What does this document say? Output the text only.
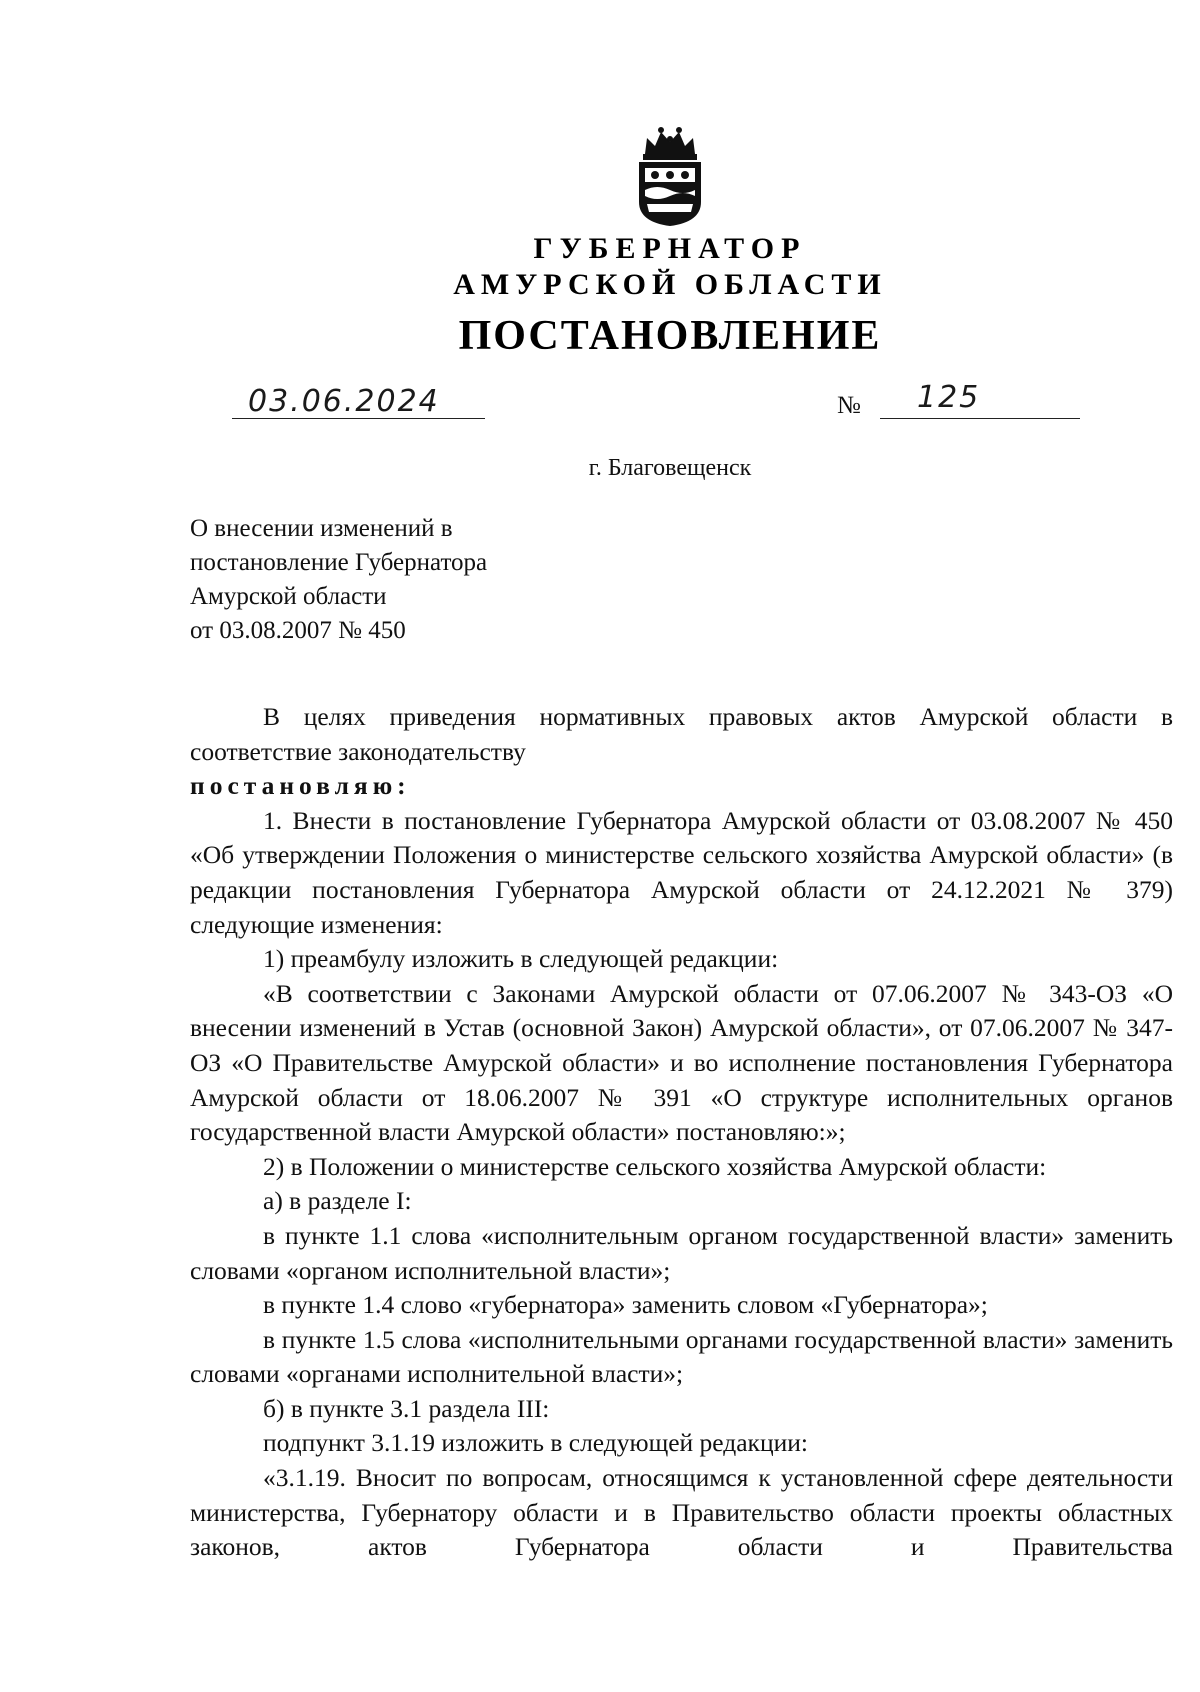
ГУБЕРНАТОР
АМУРСКОЙ ОБЛАСТИ
ПОСТАНОВЛЕНИЕ
03.06.2024	№ 125
г. Благовещенск
О внесении изменений в
постановление Губернатора
Амурской области
от 03.08.2007 № 450

В целях приведения нормативных правовых актов Амурской области в соответствие законодательству

постановляю:

1. Внести в постановление Губернатора Амурской области от 03.08.2007 № 450 «Об утверждении Положения о министерстве сельского хозяйства Амурской области» (в редакции постановления Губернатора Амурской области от 24.12.2021 № 379) следующие изменения:

1) преамбулу изложить в следующей редакции:

«В соответствии с Законами Амурской области от 07.06.2007 № 343-ОЗ «О внесении изменений в Устав (основной Закон) Амурской области», от 07.06.2007 № 347-ОЗ «О Правительстве Амурской области» и во исполнение постановления Губернатора Амурской области от 18.06.2007 № 391 «О структуре исполнительных органов государственной власти Амурской области» постановляю:»;

2) в Положении о министерстве сельского хозяйства Амурской области:

а) в разделе I:

в пункте 1.1 слова «исполнительным органом государственной власти» заменить словами «органом исполнительной власти»;

в пункте 1.4 слово «губернатора» заменить словом «Губернатора»;

в пункте 1.5 слова «исполнительными органами государственной власти» заменить словами «органами исполнительной власти»;

б) в пункте 3.1 раздела III:

подпункт 3.1.19 изложить в следующей редакции:

«3.1.19. Вносит по вопросам, относящимся к установленной сфере деятельности министерства, Губернатору области и в Правительство области проекты областных законов, актов Губернатора области и Правительства
